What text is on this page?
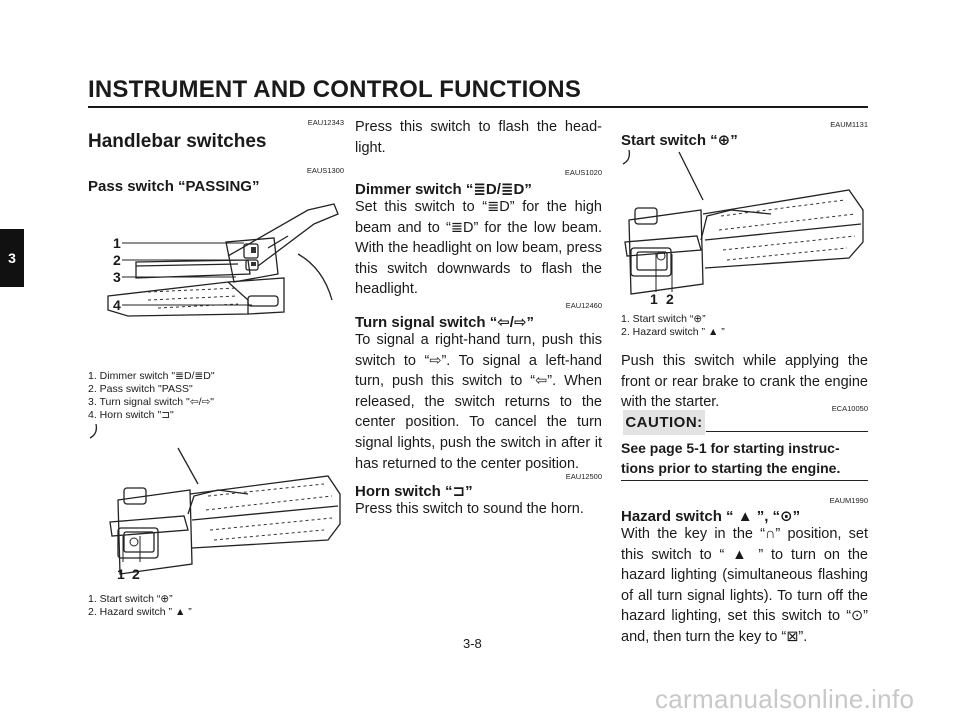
INSTRUMENT AND CONTROL FUNCTIONS
3
EAU12343
Handlebar switches
EAUS1300
Pass switch “PASSING”
1
2
3
4
1. Dimmer switch "≣D/≣D"
2. Pass switch "PASS"
3. Turn signal switch "⇦/⇨"
4. Horn switch "⊐"
1 2
1. Start switch “⊕”
2. Hazard switch ” ▲ ”
Press this switch to flash the head-light.
EAUS1020
Dimmer switch “≣D/≣D”
Set this switch to “≣D” for the high beam and to “≣D” for the low beam. With the headlight on low beam, press this switch downwards to flash the headlight.
EAU12460
Turn signal switch “⇦/⇨”
To signal a right-hand turn, push this switch to “⇨”. To signal a left-hand turn, push this switch to “⇦”. When released, the switch returns to the center position. To cancel the turn signal lights, push the switch in after it has returned to the center position.
EAU12500
Horn switch “⊐”
Press this switch to sound the horn.
EAUM1131
Start switch “⊕”
1 2
1. Start switch “⊕”
2. Hazard switch ” ▲ ”
Push this switch while applying the front or rear brake to crank the engine with the starter.	ECA10050
CAUTION:
See page 5-1 for starting instruc-tions prior to starting the engine.
EAUM1990
Hazard switch “ ▲ ”, “⊙”
With the key in the “∩” position, set this switch to “ ▲ ” to turn on the hazard lighting (simultaneous flashing of all turn signal lights). To turn off the hazard lighting, set this switch to “⊙” and, then turn the key to “⊠”.
3-8
carmanualsonline.info
